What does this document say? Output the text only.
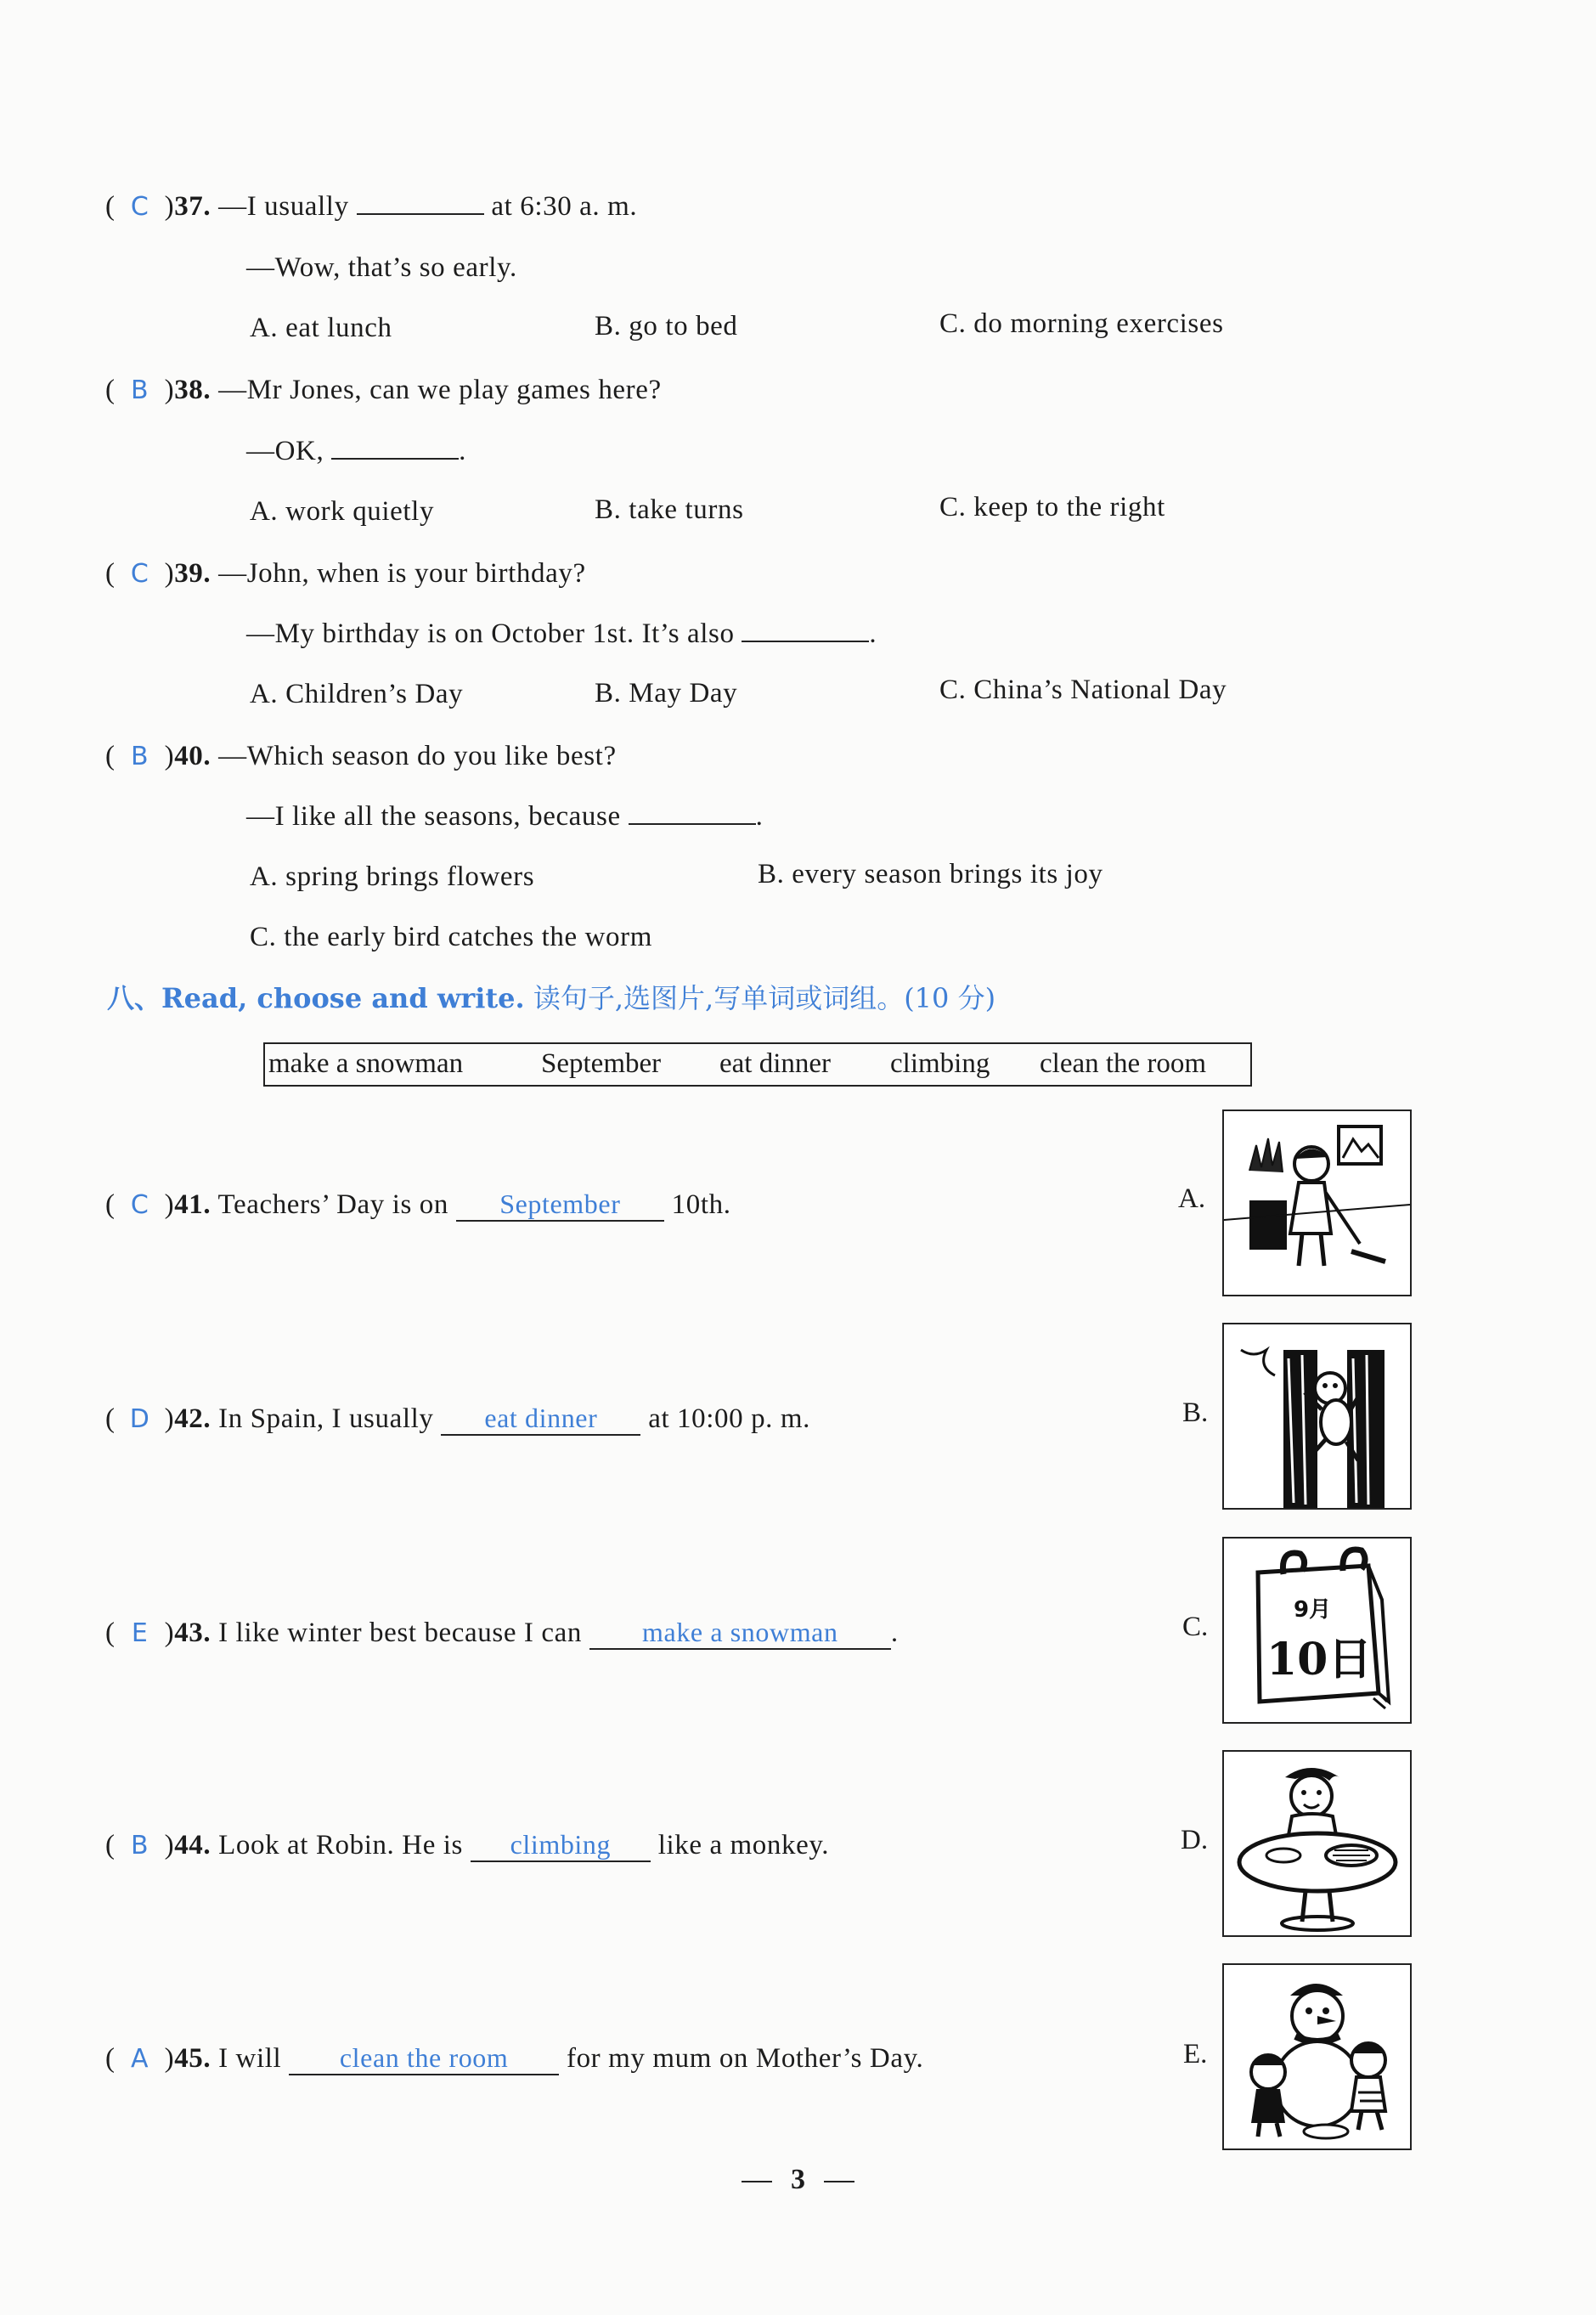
( C )37. —I usually	at 6:30 a. m.
—Wow, that’s so early.
A. eat lunch	B. go to bed	C. do morning exercises
( B )38. —Mr Jones, can we play games here?
—OK,	.
A. work quietly	B. take turns	C. keep to the right
( C )39. —John, when is your birthday?
—My birthday is on October 1st. It’s also	.
A. Children’s Day	B. May Day	C. China’s National Day
( B )40. —Which season do you like best?
—I like all the seasons, because	.
A. spring brings flowers	B. every season brings its joy
C. the early bird catches the worm
八、Read, choose and write. 读句子,选图片,写单词或词组。(10 分)
make a snowman	September eat dinner climbing clean the room
( C )41. Teachers’ Day is on September 10th.
( D )42. In Spain, I usually eat dinner at 10:00 p. m.
( E )43. I like winter best because I can make a snowman .
( B )44. Look at Robin. He is climbing like a monkey.
( A )45. I will clean the room for my mum on Mother’s Day.
A.
B.
C.
D.
E.
9月
10日
3
